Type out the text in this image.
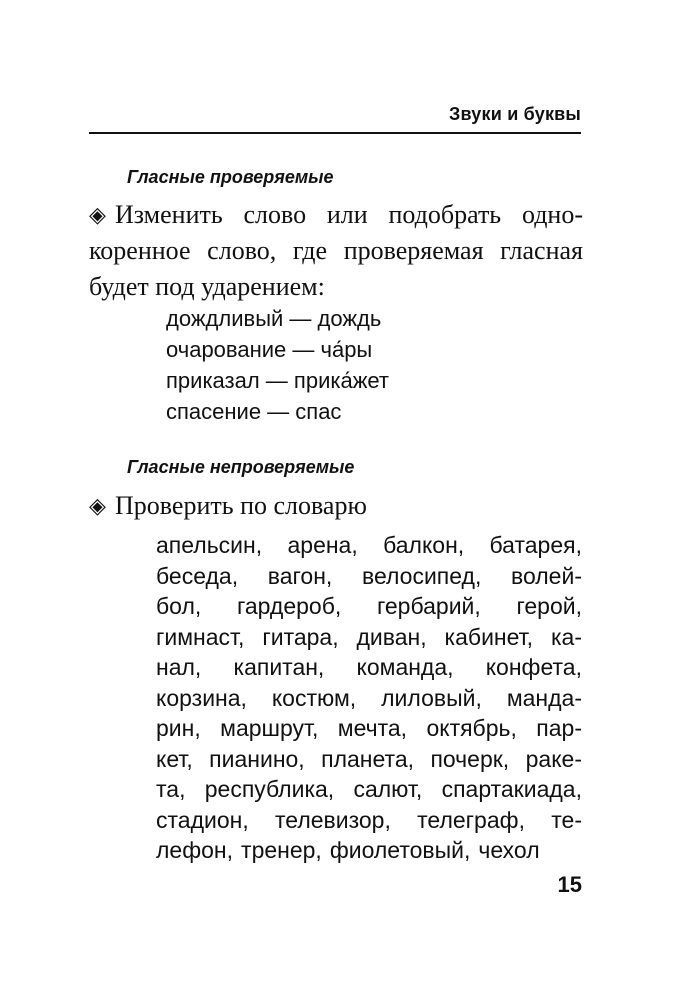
Звуки и буквы
Гласные проверяемые
◈ Изменить слово или подобрать одно-коренное слово, где проверяемая гласная будет под ударением:
дождливый — дождь
очарование — ча́ры
приказал — прика́жет
спасение — спас
Гласные непроверяемые
◈ Проверить по словарю
апельсин, арена, балкон, батарея,
беседа, вагон, велосипед, волей-
бол, гардероб, гербарий, герой,
гимнаст, гитара, диван, кабинет, ка-
нал, капитан, команда, конфета,
корзина, костюм, лиловый, манда-
рин, маршрут, мечта, октябрь, пар-
кет, пианино, планета, почерк, раке-
та, республика, салют, спартакиада,
стадион, телевизор, телеграф, те-
лефон, тренер, фиолетовый, чехол
15
